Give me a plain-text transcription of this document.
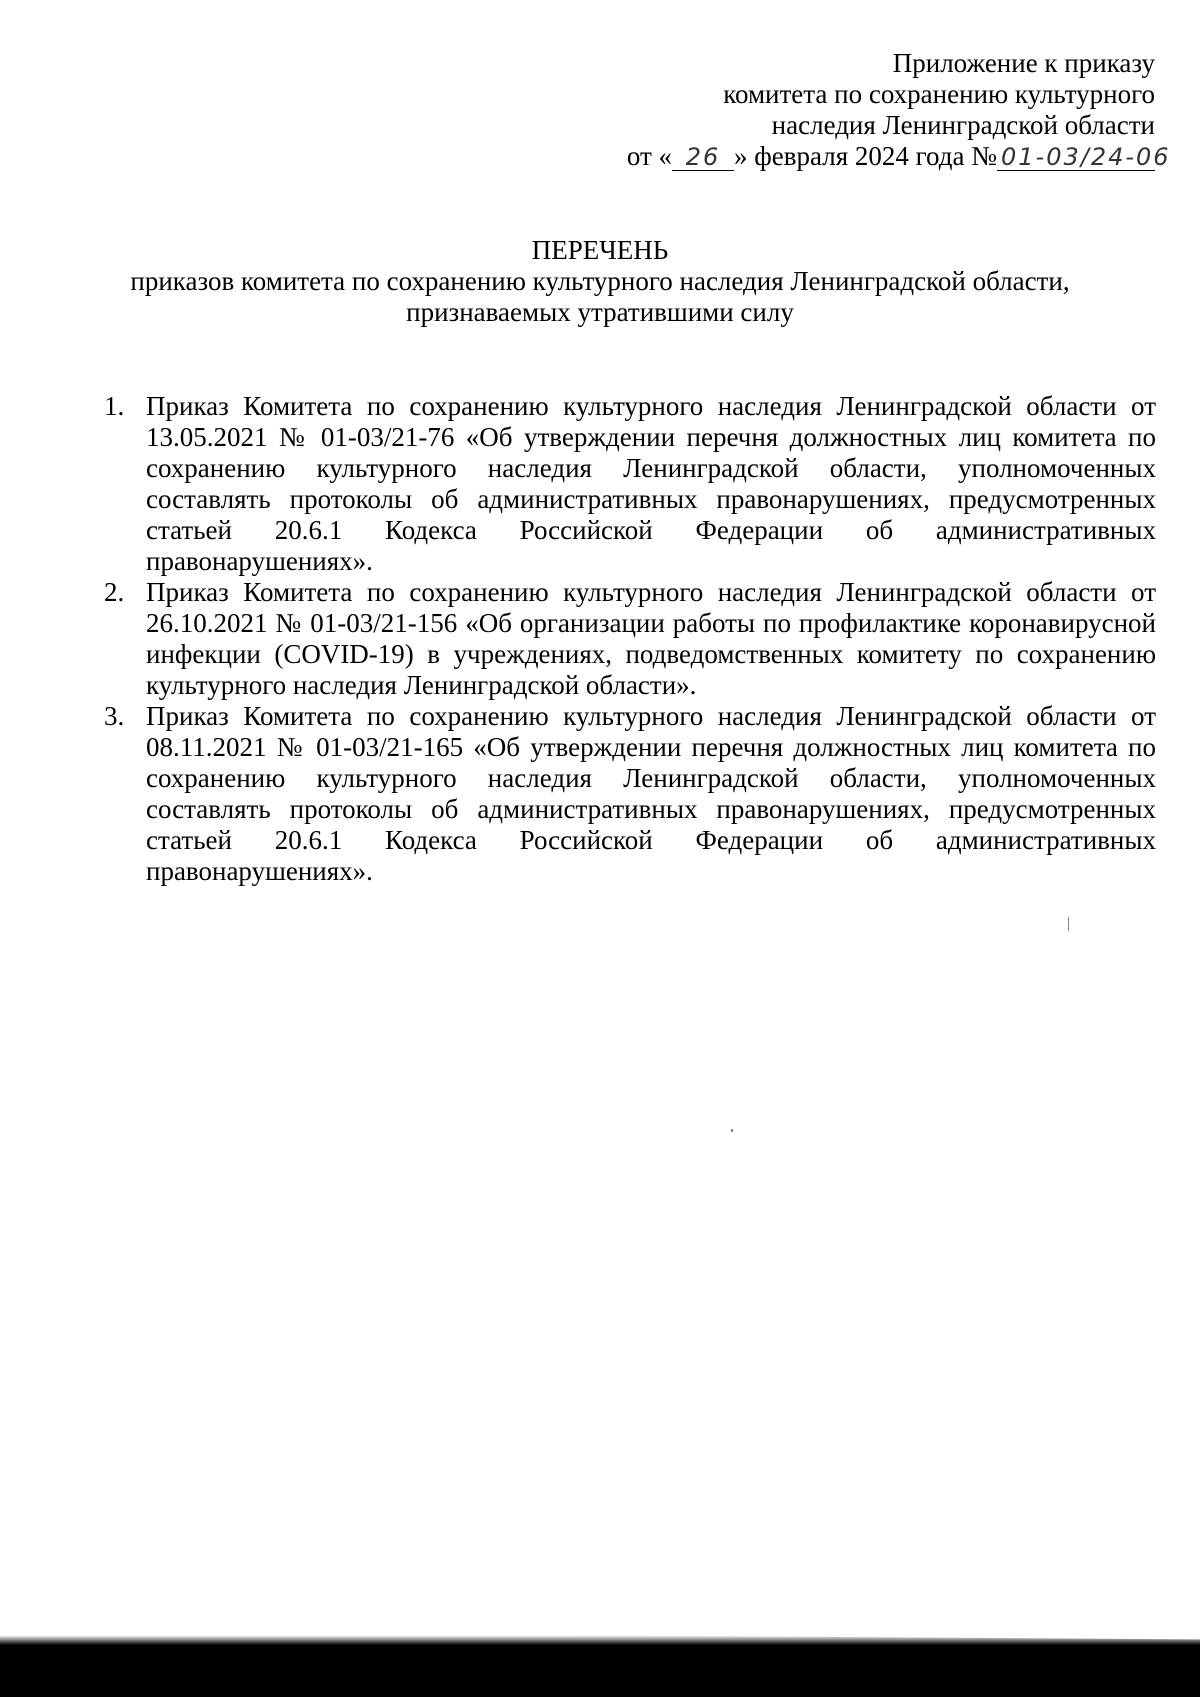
Приложение к приказу
комитета по сохранению культурного
наследия Ленинградской области
от « 26 » февраля 2024 года № 01-03/24-06
ПЕРЕЧЕНЬ
приказов комитета по сохранению культурного наследия Ленинградской области,
признаваемых утратившими силу
1. Приказ Комитета по сохранению культурного наследия Ленинградской области от 13.05.2021 № 01-03/21-76 «Об утверждении перечня должностных лиц комитета по сохранению культурного наследия Ленинградской области, уполномоченных составлять протоколы об административных правонарушениях, предусмотренных статьей 20.6.1 Кодекса Российской Федерации об административных правонарушениях».
2. Приказ Комитета по сохранению культурного наследия Ленинградской области от 26.10.2021 № 01-03/21-156 «Об организации работы по профилактике коронавирусной инфекции (COVID-19) в учреждениях, подведомственных комитету по сохранению культурного наследия Ленинградской области».
3. Приказ Комитета по сохранению культурного наследия Ленинградской области от 08.11.2021 № 01-03/21-165 «Об утверждении перечня должностных лиц комитета по сохранению культурного наследия Ленинградской области, уполномоченных составлять протоколы об административных правонарушениях, предусмотренных статьей 20.6.1 Кодекса Российской Федерации об административных правонарушениях».
